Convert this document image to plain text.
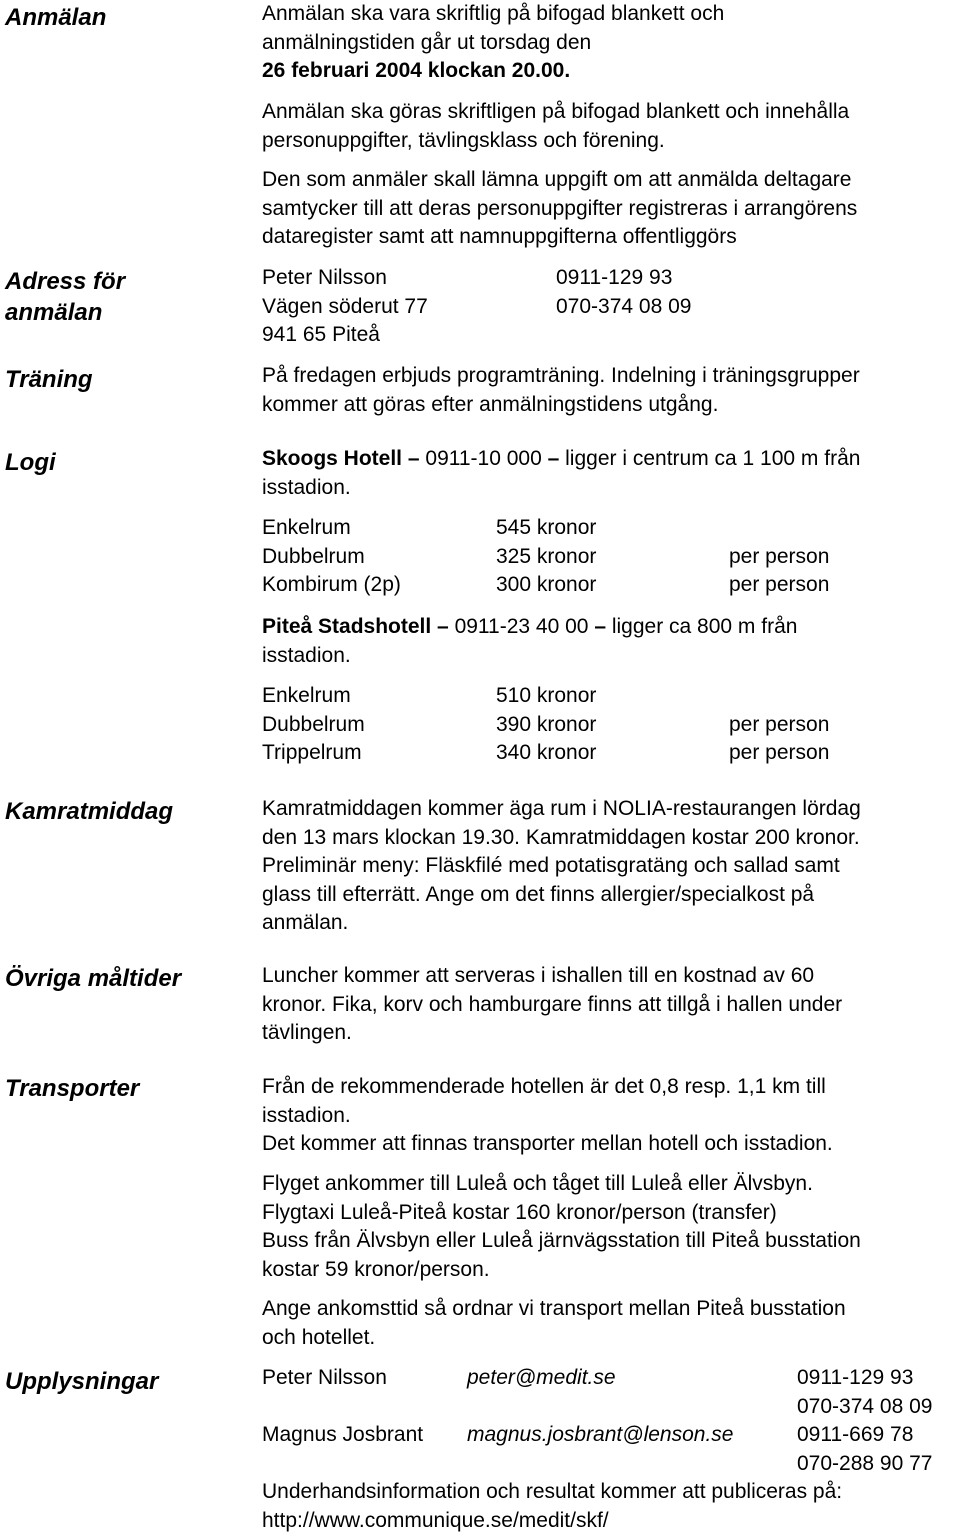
Anmälan	Anmälan ska vara skriftlig på bifogad blankett och

anmälningstiden går ut torsdag den

26 februari 2004 klockan 20.00.

Anmälan ska göras skriftligen på bifogad blankett och innehålla

personuppgifter, tävlingsklass och förening.

Den som anmäler skall lämna uppgift om att anmälda deltagare

samtycker till att deras personuppgifter registreras i arrangörens

dataregister samt att namnuppgifterna offentliggörs

Adress för
anmälan
Peter Nilsson	0911-129 93
Vägen söderut 77	070-374 08 09
941 65 Piteå

Träning	På fredagen erbjuds programträning. Indelning i träningsgrupper

kommer att göras efter anmälningstidens utgång.

Logi	Skoogs Hotell – 0911-10 000 – ligger i centrum ca 1 100 m från

isstadion.

Enkelrum	545 kronor
Dubbelrum	325 kronor	per person
Kombirum (2p)	300 kronor	per person

Piteå Stadshotell – 0911-23 40 00 – ligger ca 800 m från

isstadion.

Enkelrum	510 kronor
Dubbelrum	390 kronor	per person
Trippelrum	340 kronor	per person

Kamratmiddag	Kamratmiddagen kommer äga rum i NOLIA-restaurangen lördag

den 13 mars klockan 19.30. Kamratmiddagen kostar 200 kronor.

Preliminär meny: Fläskfilé med potatisgratäng och sallad samt

glass till efterrätt. Ange om det finns allergier/specialkost på

anmälan.

Övriga måltider	Luncher kommer att serveras i ishallen till en kostnad av 60

kronor. Fika, korv och hamburgare finns att tillgå i hallen under

tävlingen.

Transporter	Från de rekommenderade hotellen är det 0,8 resp. 1,1 km till

isstadion.

Det kommer att finnas transporter mellan hotell och isstadion.

Flyget ankommer till Luleå och tåget till Luleå eller Älvsbyn.

Flygtaxi Luleå-Piteå kostar 160 kronor/person (transfer)

Buss från Älvsbyn eller Luleå järnvägsstation till Piteå busstation

kostar 59 kronor/person.

Ange ankomsttid så ordnar vi transport mellan Piteå busstation

och hotellet.

Upplysningar	Peter Nilsson	peter@medit.se	0911-129 93
070-374 08 09
Magnus Josbrant	magnus.josbrant@lenson.se	0911-669 78
070-288 90 77

Underhandsinformation och resultat kommer att publiceras på:

http://www.communique.se/medit/skf/
